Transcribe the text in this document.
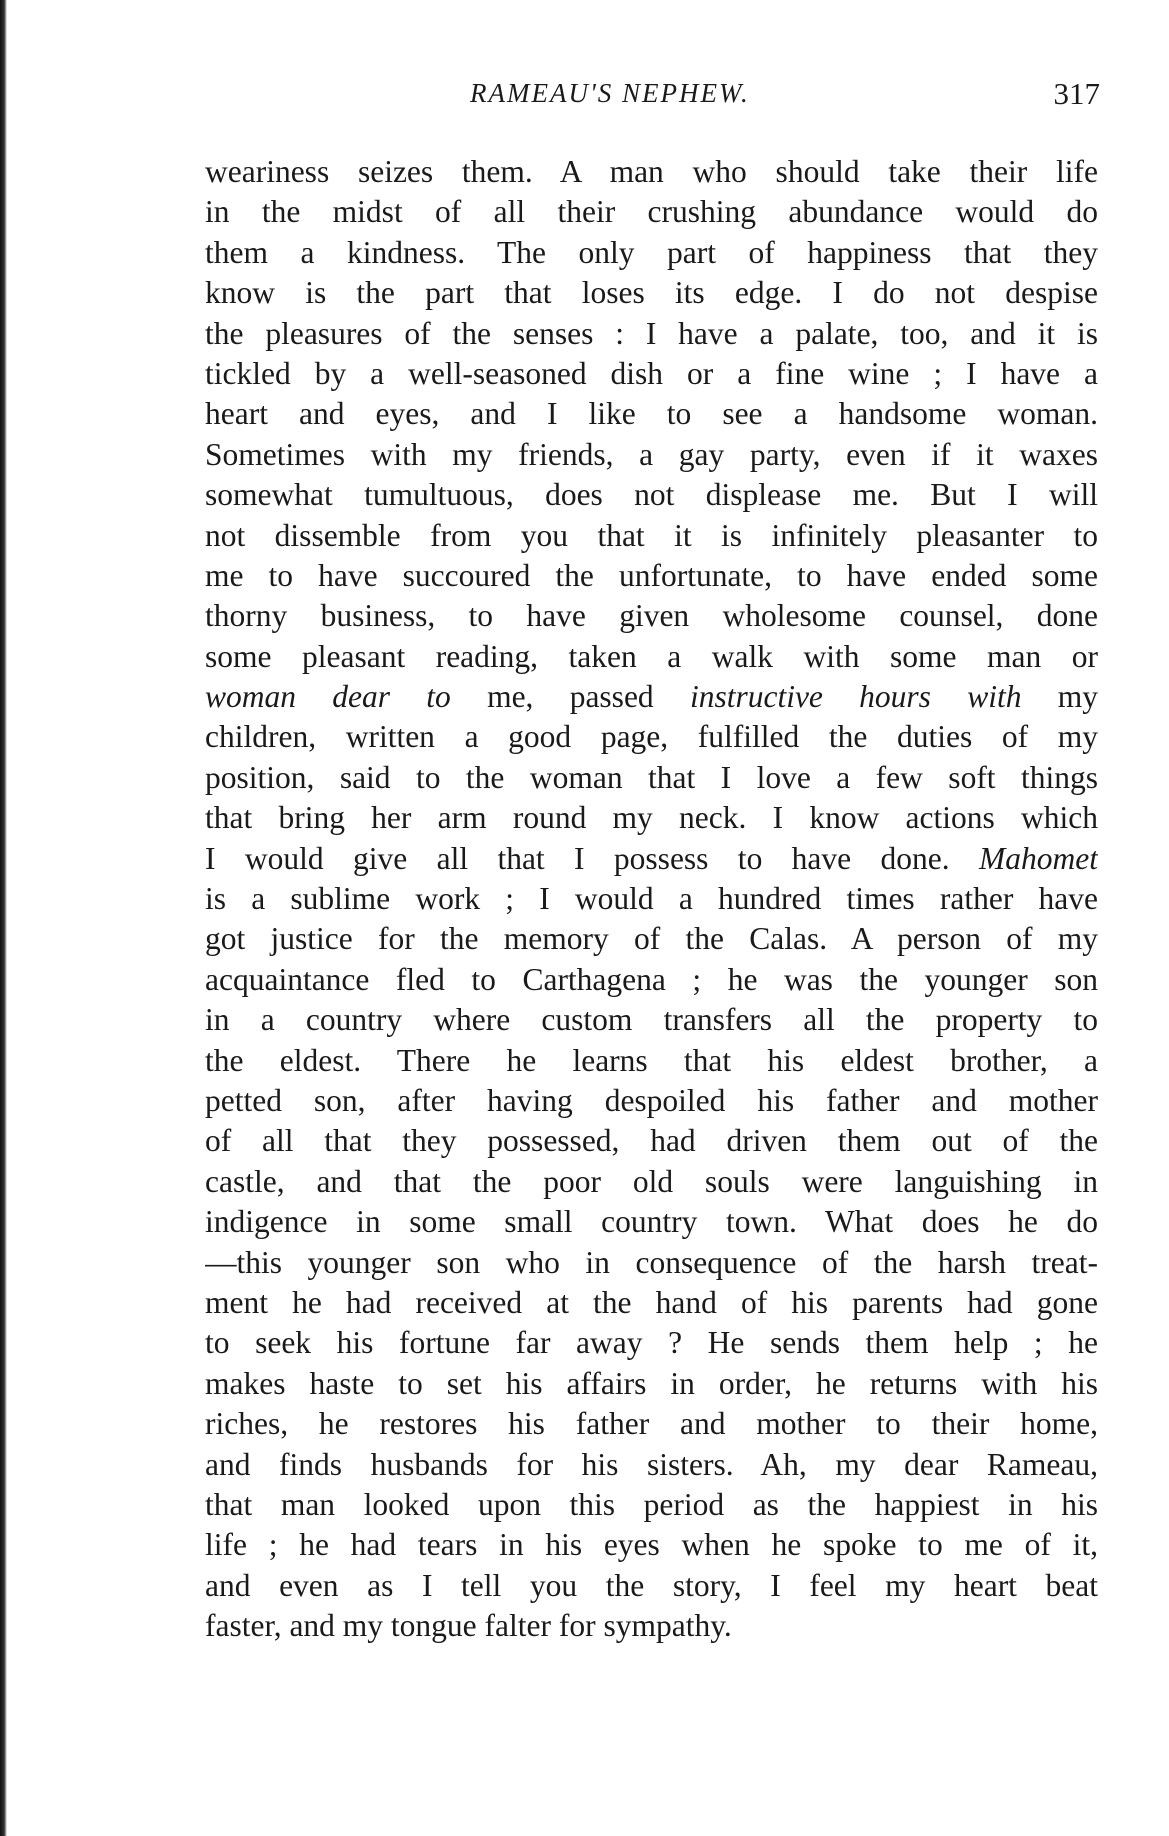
RAMEAU'S NEPHEW.	317
weariness seizes them. A man who should take their life
in the midst of all their crushing abundance would do
them a kindness. The only part of happiness that they
know is the part that loses its edge. I do not despise
the pleasures of the senses : I have a palate, too, and it is
tickled by a well-seasoned dish or a fine wine ; I have a
heart and eyes, and I like to see a handsome woman.
Sometimes with my friends, a gay party, even if it waxes
somewhat tumultuous, does not displease me. But I will
not dissemble from you that it is infinitely pleasanter to
me to have succoured the unfortunate, to have ended some
thorny business, to have given wholesome counsel, done
some pleasant reading, taken a walk with some man or
woman dear to me, passed instructive hours with my
children, written a good page, fulfilled the duties of my
position, said to the woman that I love a few soft things
that bring her arm round my neck. I know actions which
I would give all that I possess to have done. Mahomet
is a sublime work ; I would a hundred times rather have
got justice for the memory of the Calas. A person of my
acquaintance fled to Carthagena ; he was the younger son
in a country where custom transfers all the property to
the eldest. There he learns that his eldest brother, a
petted son, after having despoiled his father and mother
of all that they possessed, had driven them out of the
castle, and that the poor old souls were languishing in
indigence in some small country town. What does he do
—this younger son who in consequence of the harsh treat-
ment he had received at the hand of his parents had gone
to seek his fortune far away ? He sends them help ; he
makes haste to set his affairs in order, he returns with his
riches, he restores his father and mother to their home,
and finds husbands for his sisters. Ah, my dear Rameau,
that man looked upon this period as the happiest in his
life ; he had tears in his eyes when he spoke to me of it,
and even as I tell you the story, I feel my heart beat
faster, and my tongue falter for sympathy.
